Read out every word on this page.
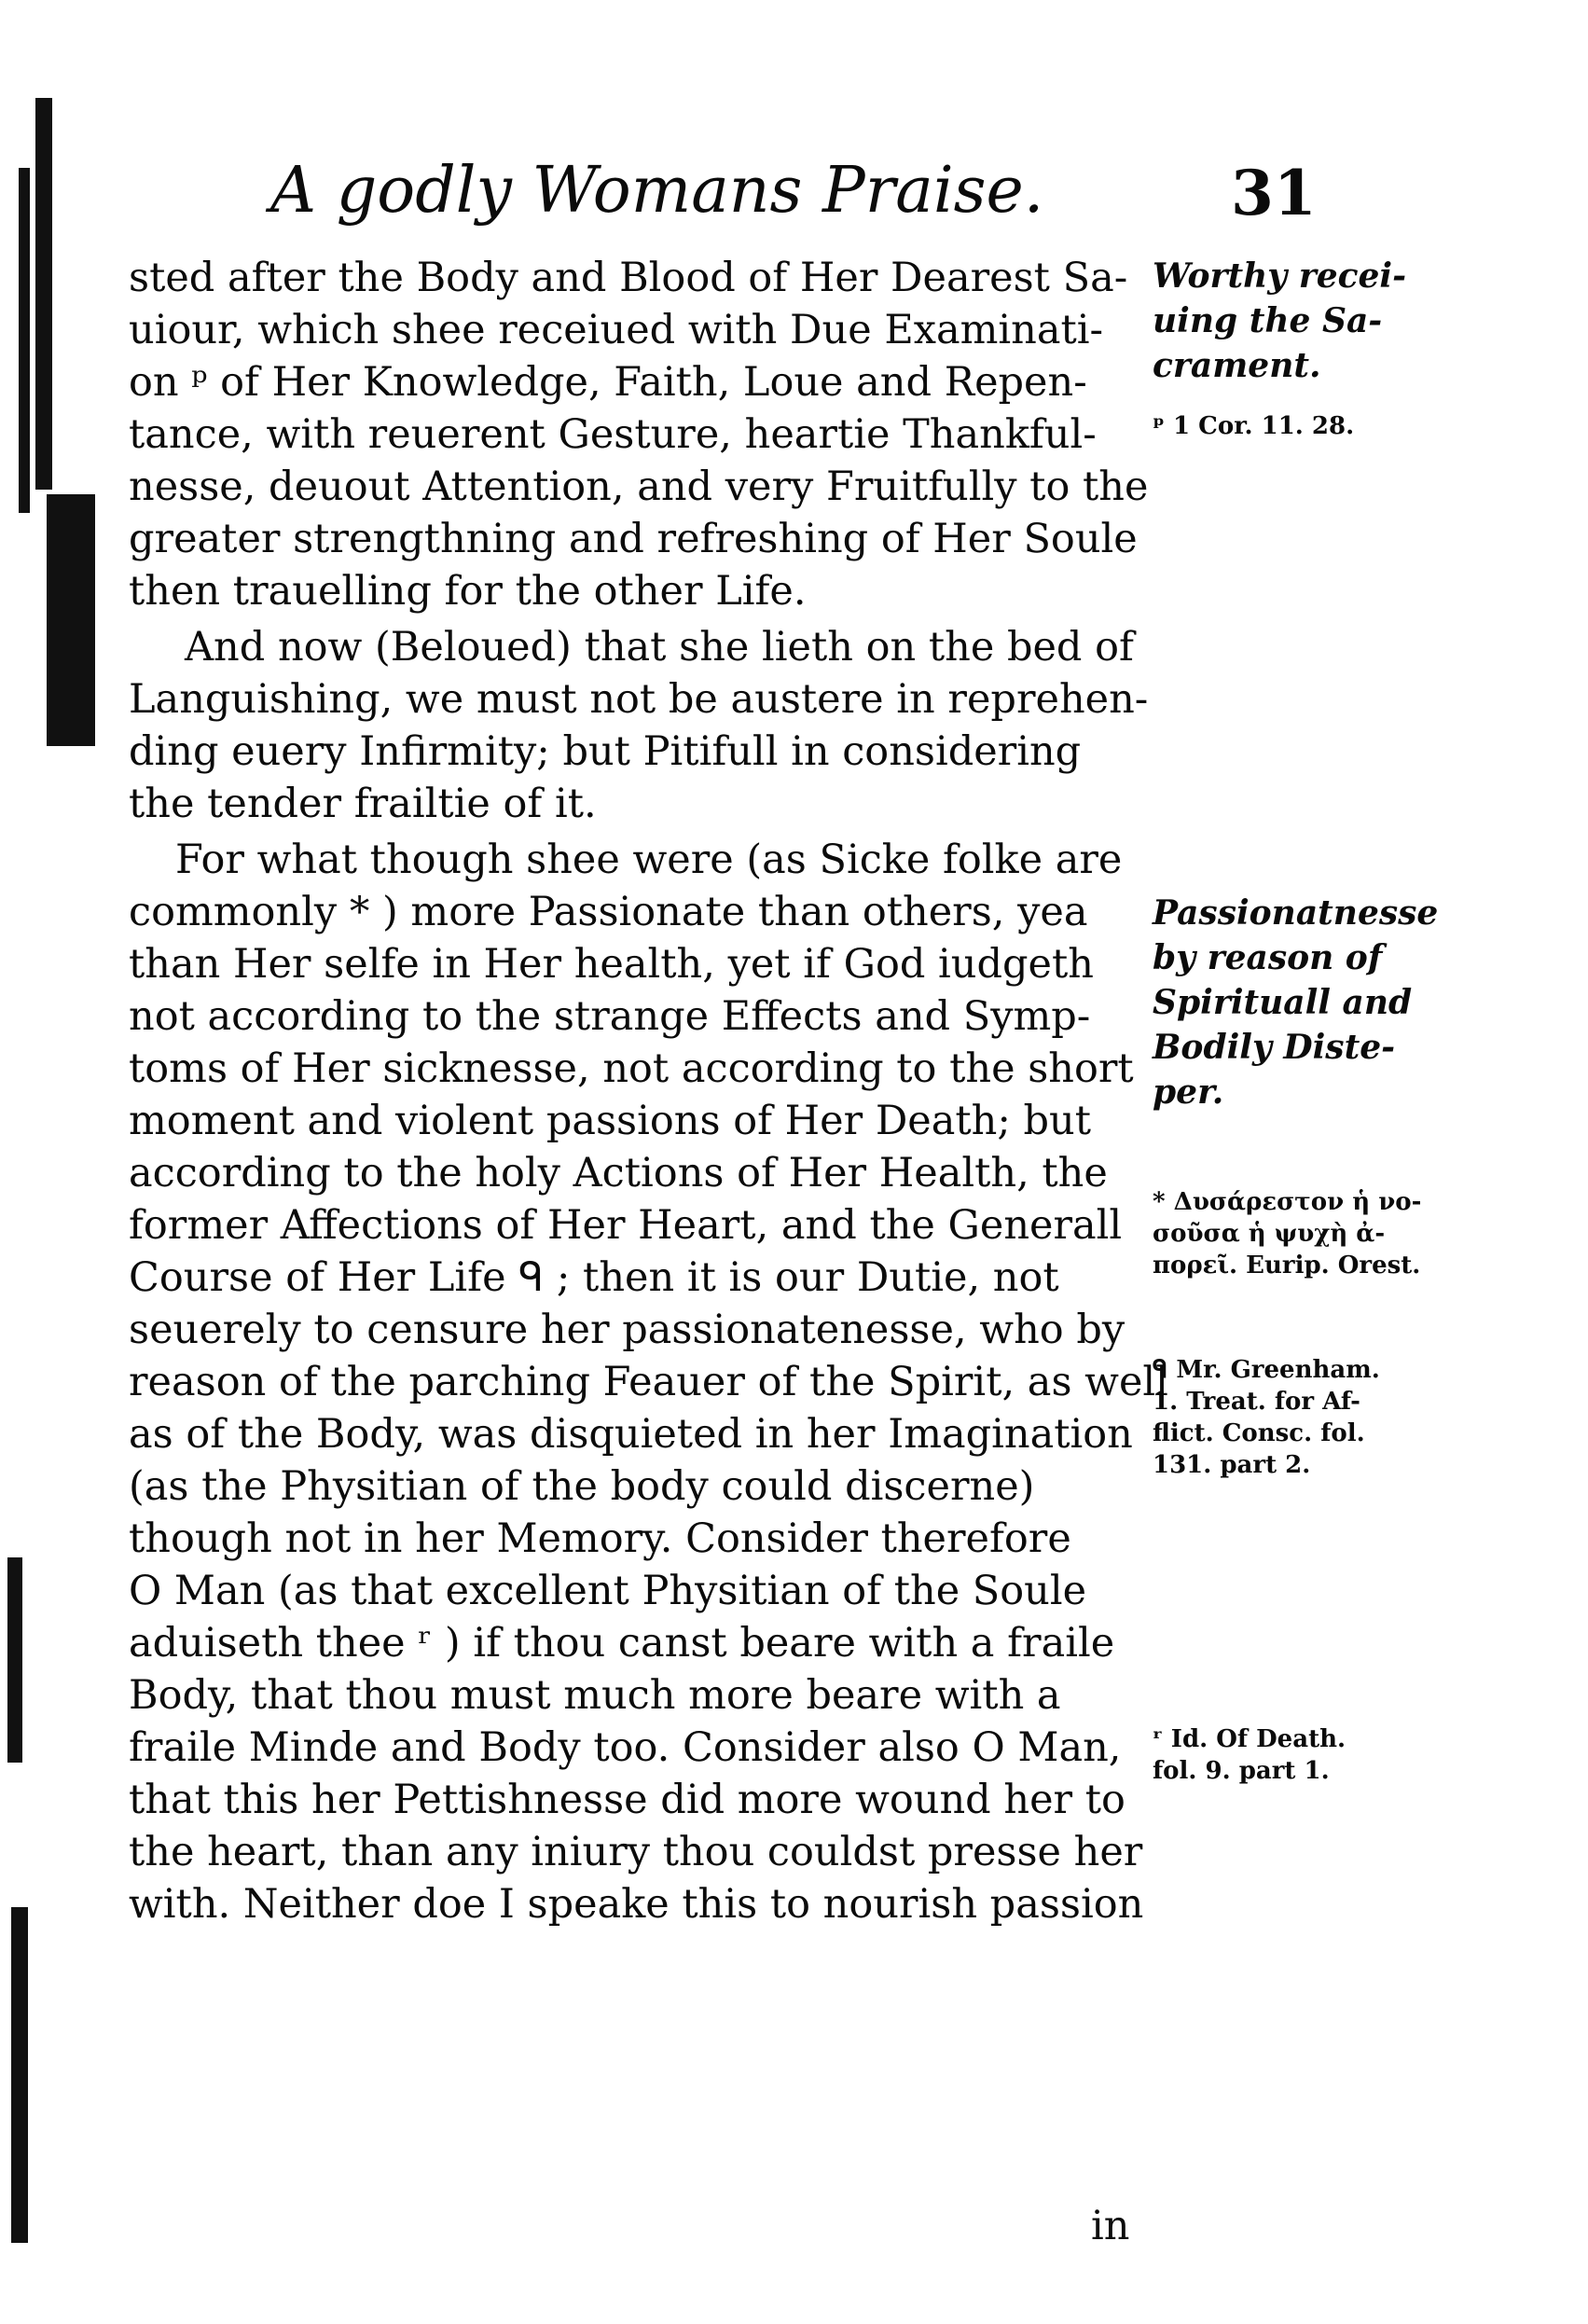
A godly Womans Praise.	31
sted after the Body and Blood of Her Dearest Sa-
uiour, which shee receiued with Due Examinati-
on ᵖ of Her Knowledge, Faith, Loue and Repen-
tance, with reuerent Gesture, heartie Thankful-
nesse, deuout Attention, and very Fruitfully to the
greater strengthning and refreshing of Her Soule
then trauelling for the other Life.
And now (Beloued) that she lieth on the bed of
Languishing, we must not be austere in reprehen-
ding euery Infirmity; but Pitifull in considering
the tender frailtie of it.
For what though shee were (as Sicke folke are
commonly * ) more Passionate than others, yea
than Her selfe in Her health, yet if God iudgeth
not according to the strange Effects and Symp-
toms of Her sicknesse, not according to the short
moment and violent passions of Her Death; but
according to the holy Actions of Her Health, the
former Affections of Her Heart, and the Generall
Course of Her Life ᑫ ; then it is our Dutie, not
seuerely to censure her passionatenesse, who by
reason of the parching Feauer of the Spirit, as well
as of the Body, was disquieted in her Imagination
(as the Physitian of the body could discerne)
though not in her Memory. Consider therefore
O Man (as that excellent Physitian of the Soule
aduiseth thee ʳ ) if thou canst beare with a fraile
Body, that thou must much more beare with a
fraile Minde and Body too. Consider also O Man,
that this her Pettishnesse did more wound her to
the heart, than any iniury thou couldst presse her
with. Neither doe I speake this to nourish passion
in
Worthy recei-
uing the Sa-
crament.
ᵖ 1 Cor. 11. 28.
Passionatnesse
by reason of
Spirituall and
Bodily Diste-
per.
* Δυσάρεστον ἡ νο-
σοῦσα ἡ ψυχὴ ἀ-
πορεῖ. Eurip. Orest.
ᑫ Mr. Greenham.
1. Treat. for Af-
flict. Consc. fol.
131. part 2.
ʳ Id. Of Death.
fol. 9. part 1.
